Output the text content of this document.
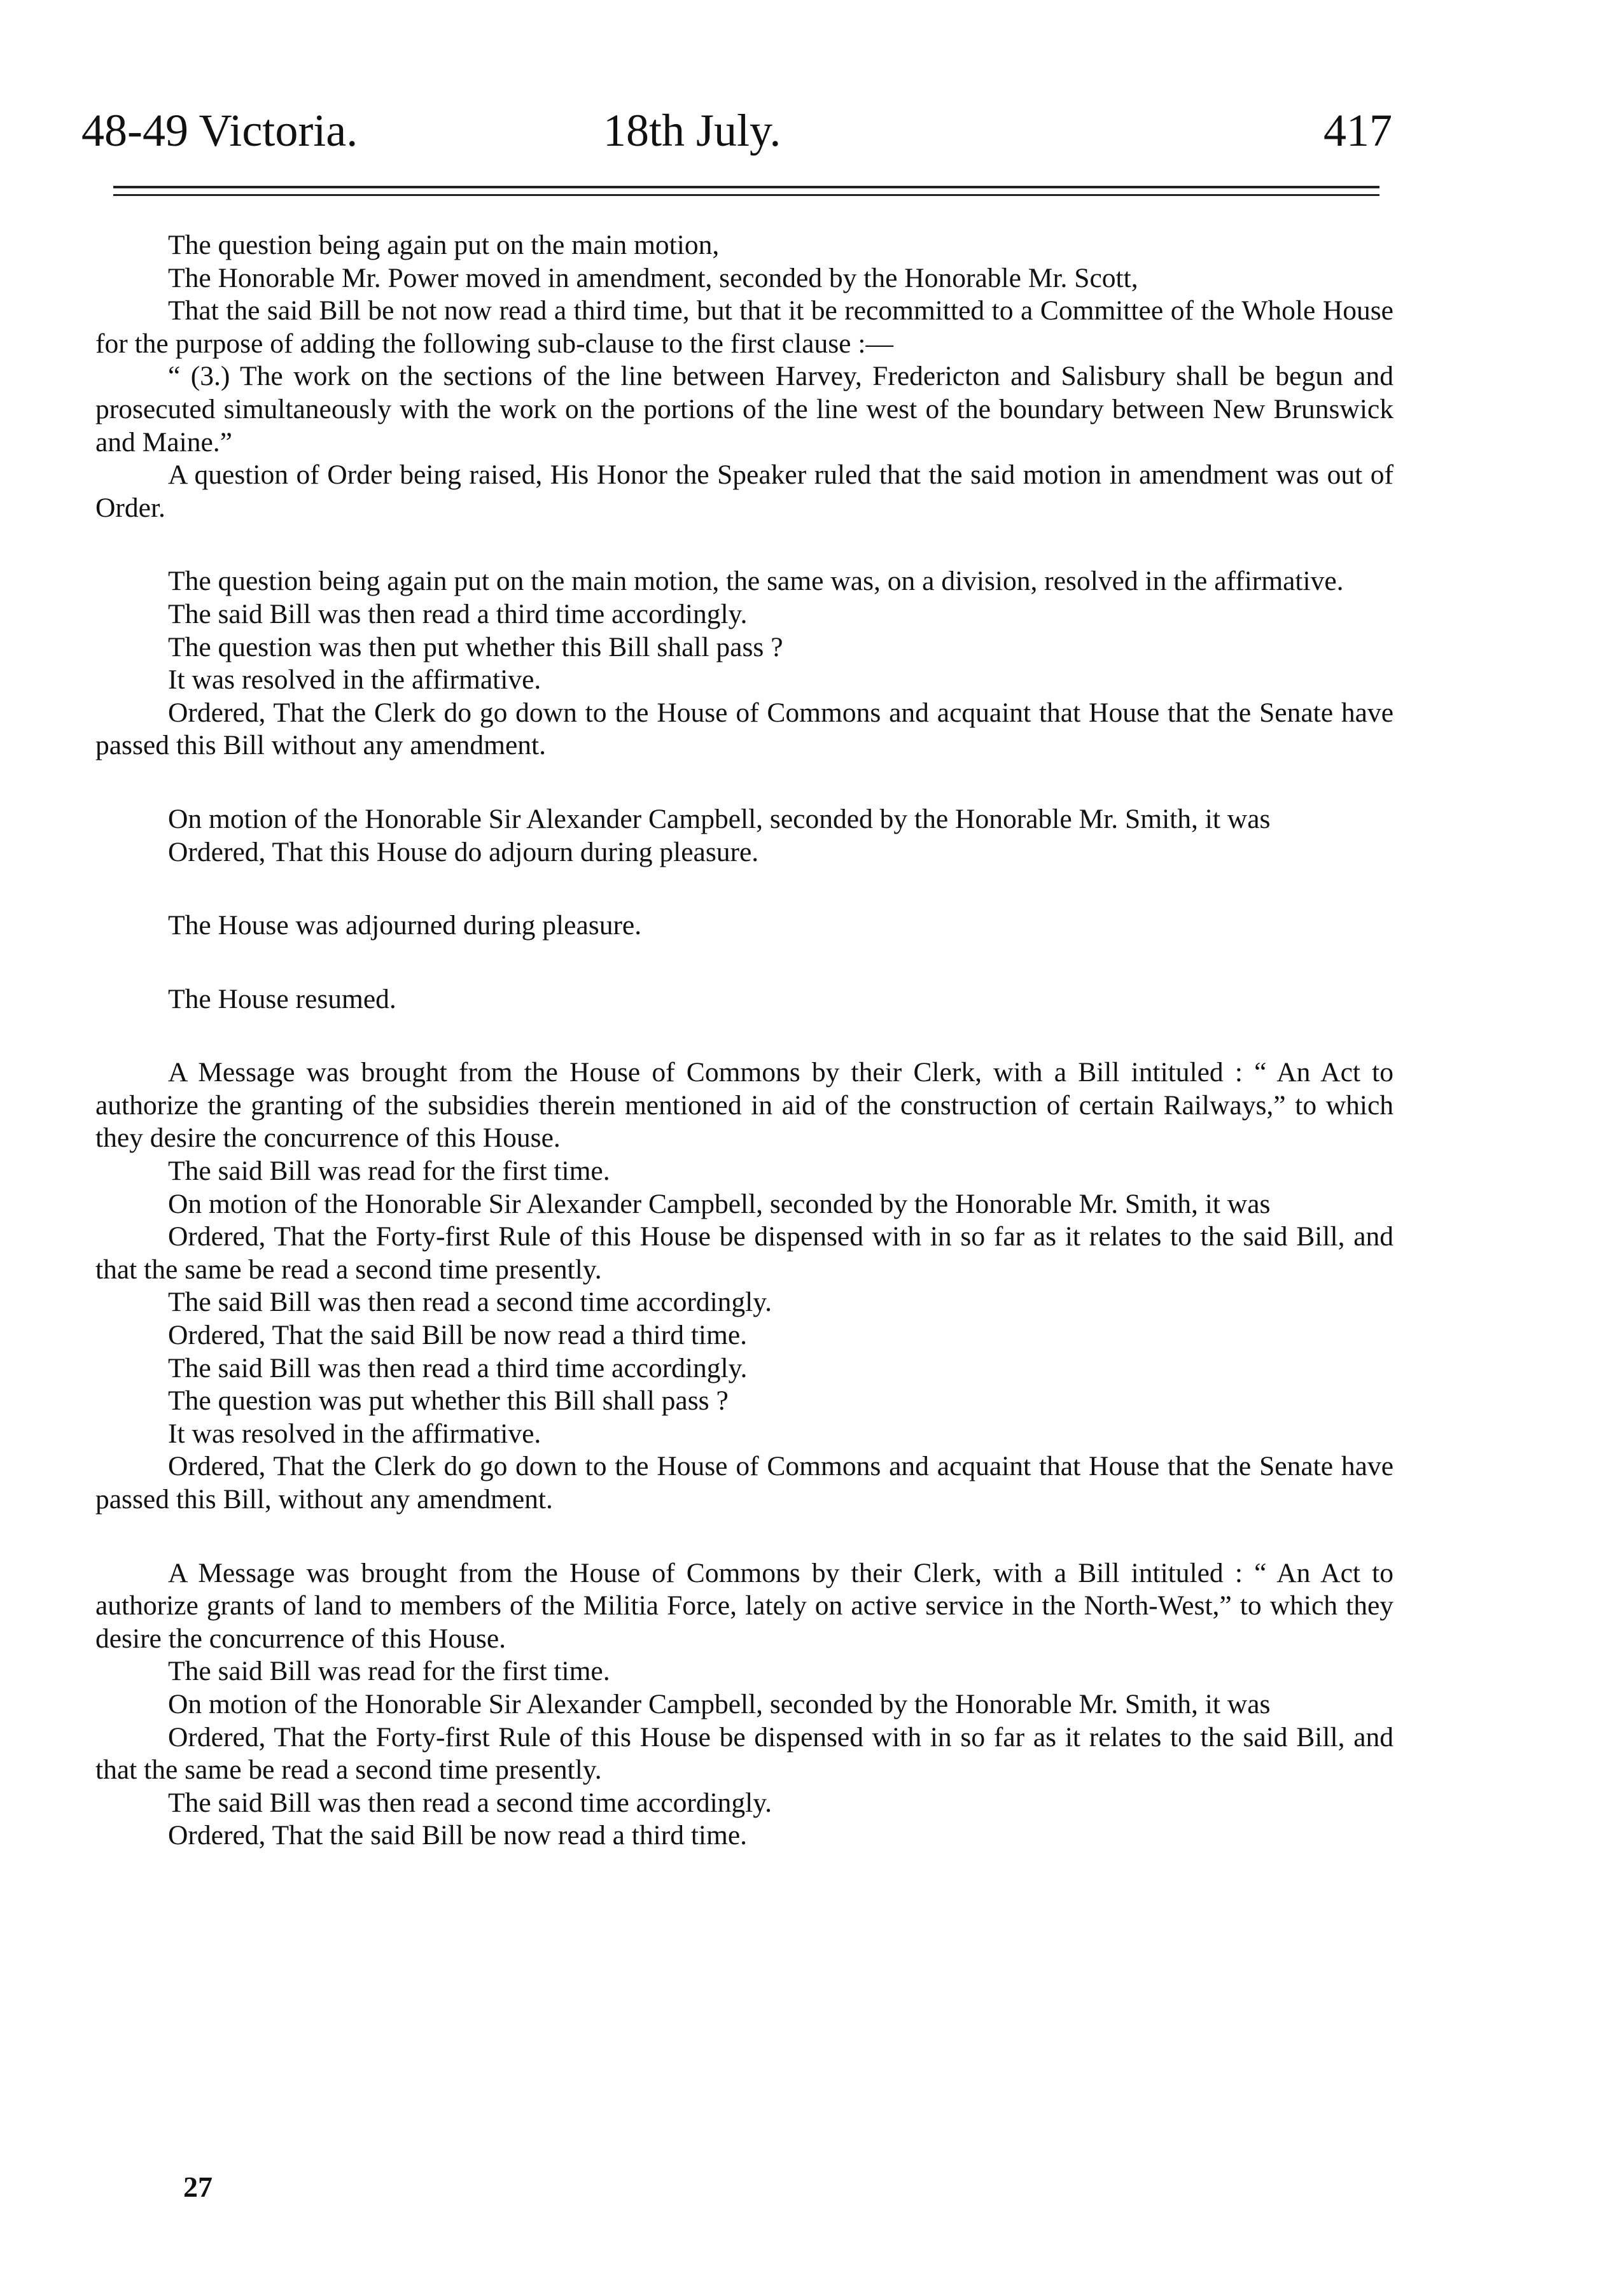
48-49 Victoria.	18th July.	417

The question being again put on the main motion,

The Honorable Mr. Power moved in amendment, seconded by the Honorable Mr. Scott,

That the said Bill be not now read a third time, but that it be recommitted to a Committee of the Whole House for the purpose of adding the following sub-clause to the first clause :—

“ (3.) The work on the sections of the line between Harvey, Fredericton and Salisbury shall be begun and prosecuted simultaneously with the work on the portions of the line west of the boundary between New Brunswick and Maine.”

A question of Order being raised, His Honor the Speaker ruled that the said motion in amendment was out of Order.

The question being again put on the main motion, the same was, on a division, resolved in the affirmative.

The said Bill was then read a third time accordingly.

The question was then put whether this Bill shall pass ?

It was resolved in the affirmative.

Ordered, That the Clerk do go down to the House of Commons and acquaint that House that the Senate have passed this Bill without any amendment.

On motion of the Honorable Sir Alexander Campbell, seconded by the Honorable Mr. Smith, it was

Ordered, That this House do adjourn during pleasure.

The House was adjourned during pleasure.

The House resumed.

A Message was brought from the House of Commons by their Clerk, with a Bill intituled : “ An Act to authorize the granting of the subsidies therein mentioned in aid of the construction of certain Railways,” to which they desire the concurrence of this House.

The said Bill was read for the first time.

On motion of the Honorable Sir Alexander Campbell, seconded by the Honorable Mr. Smith, it was

Ordered, That the Forty-first Rule of this House be dispensed with in so far as it relates to the said Bill, and that the same be read a second time presently.

The said Bill was then read a second time accordingly.

Ordered, That the said Bill be now read a third time.

The said Bill was then read a third time accordingly.

The question was put whether this Bill shall pass ?

It was resolved in the affirmative.

Ordered, That the Clerk do go down to the House of Commons and acquaint that House that the Senate have passed this Bill, without any amendment.

A Message was brought from the House of Commons by their Clerk, with a Bill intituled : “ An Act to authorize grants of land to members of the Militia Force, lately on active service in the North-West,” to which they desire the concurrence of this House.

The said Bill was read for the first time.

On motion of the Honorable Sir Alexander Campbell, seconded by the Honorable Mr. Smith, it was

Ordered, That the Forty-first Rule of this House be dispensed with in so far as it relates to the said Bill, and that the same be read a second time presently.

The said Bill was then read a second time accordingly.

Ordered, That the said Bill be now read a third time.

27
